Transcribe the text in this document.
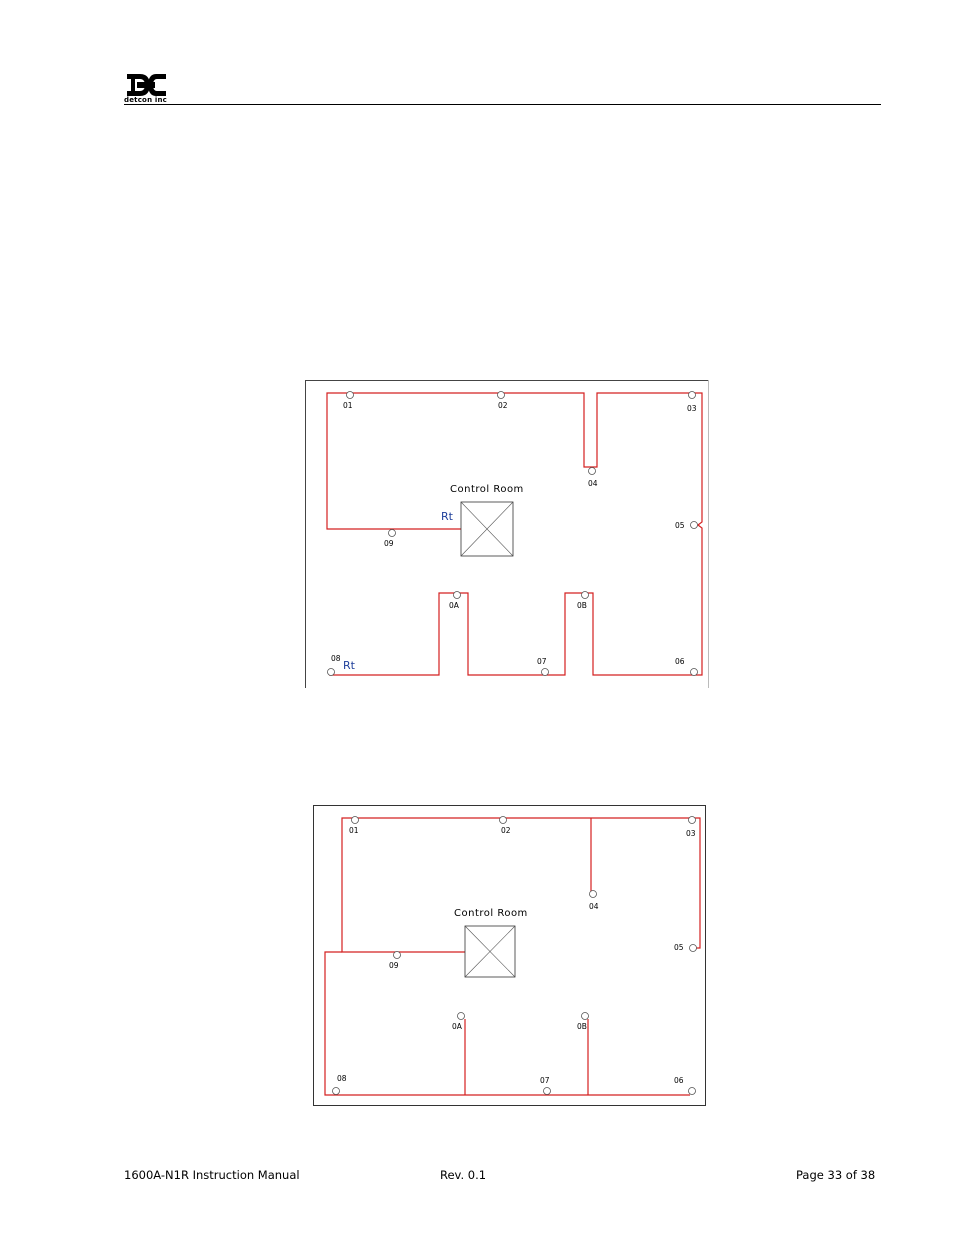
detcon inc
Control Room
Rt
Rt
01	02	03
04
05
06
07
08
09
0A	0B
Control Room
01	02	03
04
05
06
07
08
09
0A	0B
1600A-N1R Instruction Manual	Rev. 0.1	Page 33 of 38
